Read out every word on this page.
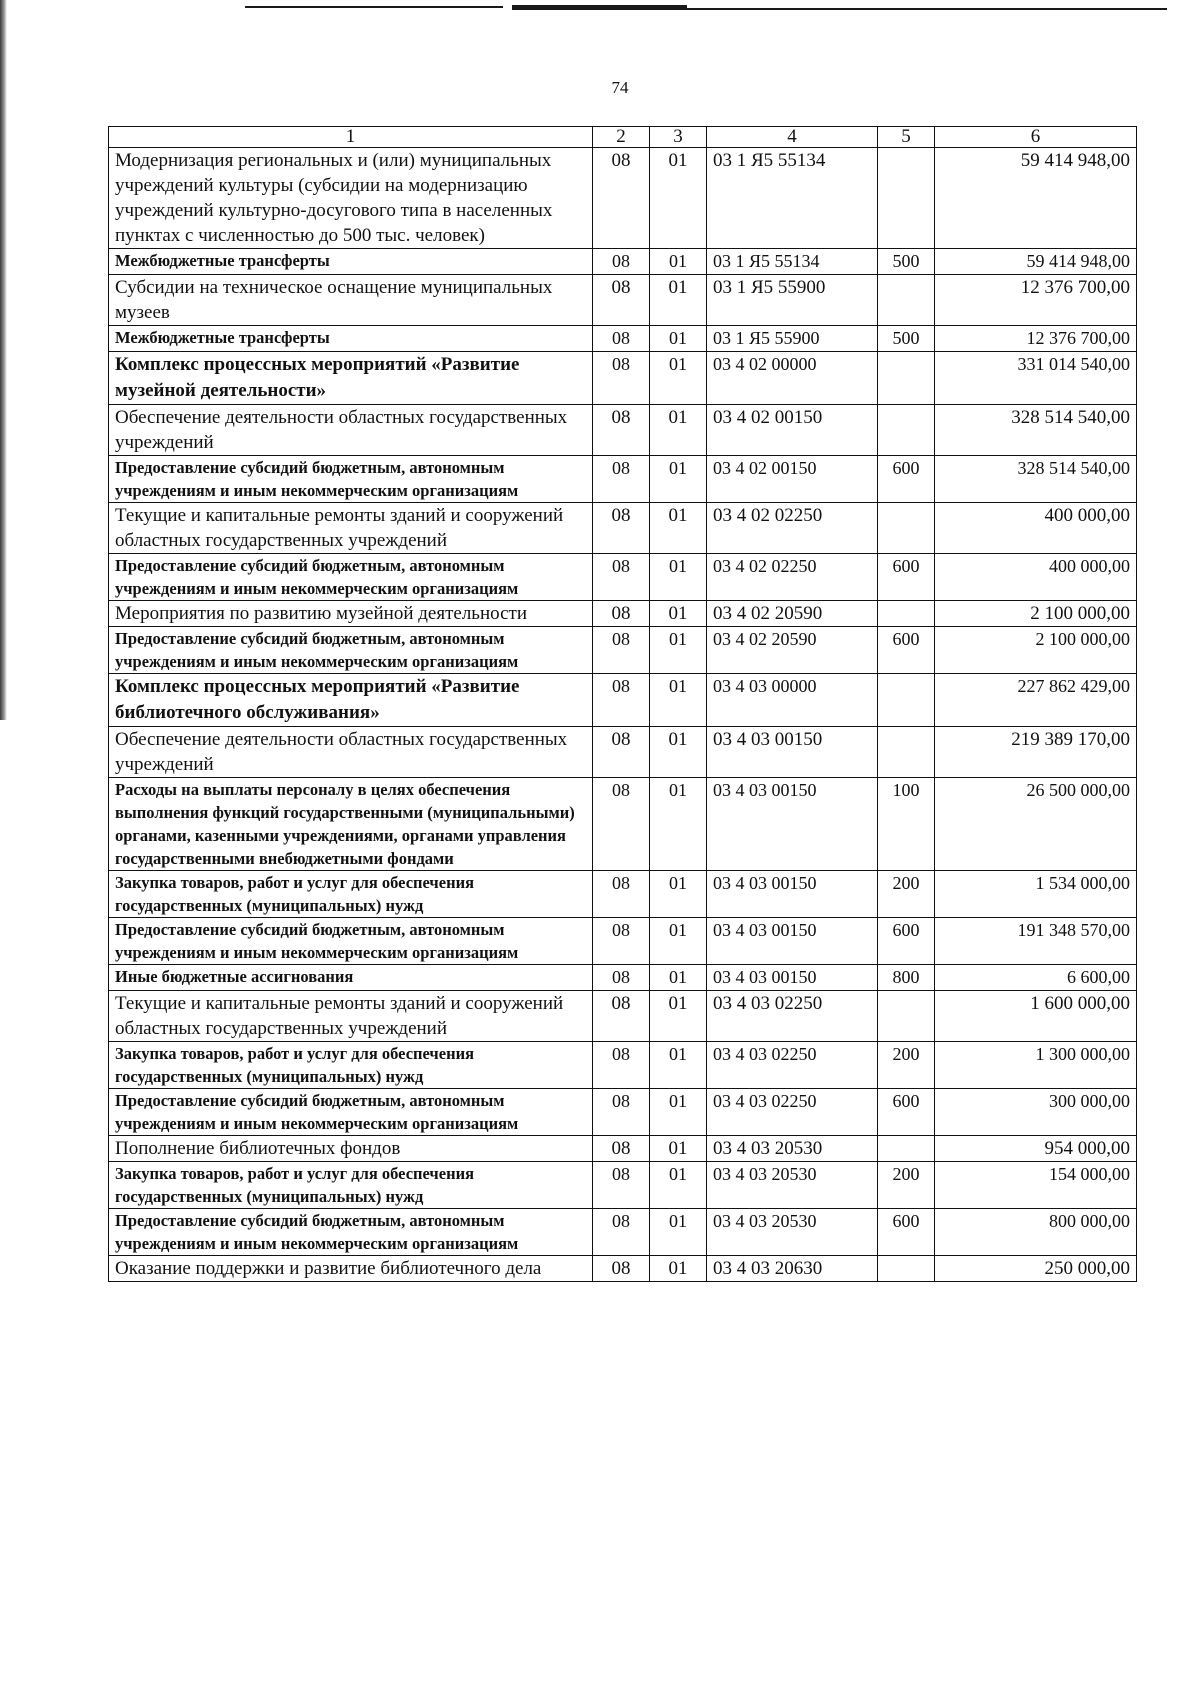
74
1	2	3	4	5	6
Модернизация региональных и (или) муниципальных учреждений культуры (субсидии на модернизацию учреждений культурно-досугового типа в населенных пунктах с численностью до 500 тыс. человек)	08	01	03 1 Я5 55134		59 414 948,00
Межбюджетные трансферты	08	01	03 1 Я5 55134	500	59 414 948,00
Субсидии на техническое оснащение муниципальных музеев	08	01	03 1 Я5 55900		12 376 700,00
Межбюджетные трансферты	08	01	03 1 Я5 55900	500	12 376 700,00
Комплекс процессных мероприятий «Развитие музейной деятельности»	08	01	03 4 02 00000		331 014 540,00
Обеспечение деятельности областных государственных учреждений	08	01	03 4 02 00150		328 514 540,00
Предоставление субсидий бюджетным, автономным учреждениям и иным некоммерческим организациям	08	01	03 4 02 00150	600	328 514 540,00
Текущие и капитальные ремонты зданий и сооружений областных государственных учреждений	08	01	03 4 02 02250		400 000,00
Предоставление субсидий бюджетным, автономным учреждениям и иным некоммерческим организациям	08	01	03 4 02 02250	600	400 000,00
Мероприятия по развитию музейной деятельности	08	01	03 4 02 20590		2 100 000,00
Предоставление субсидий бюджетным, автономным учреждениям и иным некоммерческим организациям	08	01	03 4 02 20590	600	2 100 000,00
Комплекс процессных мероприятий «Развитие библиотечного обслуживания»	08	01	03 4 03 00000		227 862 429,00
Обеспечение деятельности областных государственных учреждений	08	01	03 4 03 00150		219 389 170,00
Расходы на выплаты персоналу в целях обеспечения выполнения функций государственными (муниципальными) органами, казенными учреждениями, органами управления государственными внебюджетными фондами	08	01	03 4 03 00150	100	26 500 000,00
Закупка товаров, работ и услуг для обеспечения государственных (муниципальных) нужд	08	01	03 4 03 00150	200	1 534 000,00
Предоставление субсидий бюджетным, автономным учреждениям и иным некоммерческим организациям	08	01	03 4 03 00150	600	191 348 570,00
Иные бюджетные ассигнования	08	01	03 4 03 00150	800	6 600,00
Текущие и капитальные ремонты зданий и сооружений областных государственных учреждений	08	01	03 4 03 02250		1 600 000,00
Закупка товаров, работ и услуг для обеспечения государственных (муниципальных) нужд	08	01	03 4 03 02250	200	1 300 000,00
Предоставление субсидий бюджетным, автономным учреждениям и иным некоммерческим организациям	08	01	03 4 03 02250	600	300 000,00
Пополнение библиотечных фондов	08	01	03 4 03 20530		954 000,00
Закупка товаров, работ и услуг для обеспечения государственных (муниципальных) нужд	08	01	03 4 03 20530	200	154 000,00
Предоставление субсидий бюджетным, автономным учреждениям и иным некоммерческим организациям	08	01	03 4 03 20530	600	800 000,00
Оказание поддержки и развитие библиотечного дела	08	01	03 4 03 20630		250 000,00
